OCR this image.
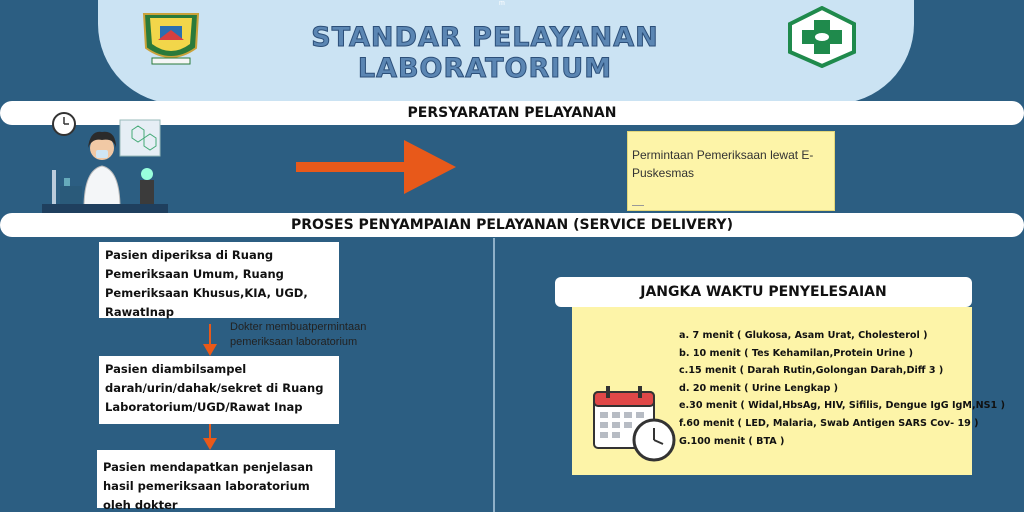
m
STANDAR PELAYANAN LABORATORIUM
PERSYARATAN PELAYANAN
Permintaan Pemeriksaan lewat E-Puskesmas
PROSES PENYAMPAIAN PELAYANAN (SERVICE DELIVERY)
Pasien diperiksa di Ruang Pemeriksaan Umum, Ruang
Pemeriksaan Khusus,KIA, UGD, RawatInap
Dokter membuatpermintaan pemeriksaan laboratorium
Pasien diambilsampel darah/urin/dahak/sekret di Ruang Laboratorium/UGD/Rawat Inap
Pasien mendapatkan penjelasan hasil pemeriksaan laboratorium oleh dokter
JANGKA WAKTU PENYELESAIAN
a. 7 menit ( Glukosa, Asam Urat, Cholesterol )
b. 10 menit ( Tes Kehamilan,Protein Urine )
c.15 menit ( Darah Rutin,Golongan Darah,Diff 3 )
d. 20 menit ( Urine Lengkap )
e.30 menit ( Widal,HbsAg, HIV, Sifilis, Dengue IgG IgM,NS1 )
f.60 menit ( LED, Malaria, Swab Antigen SARS Cov- 19 )
G.100 menit ( BTA )
